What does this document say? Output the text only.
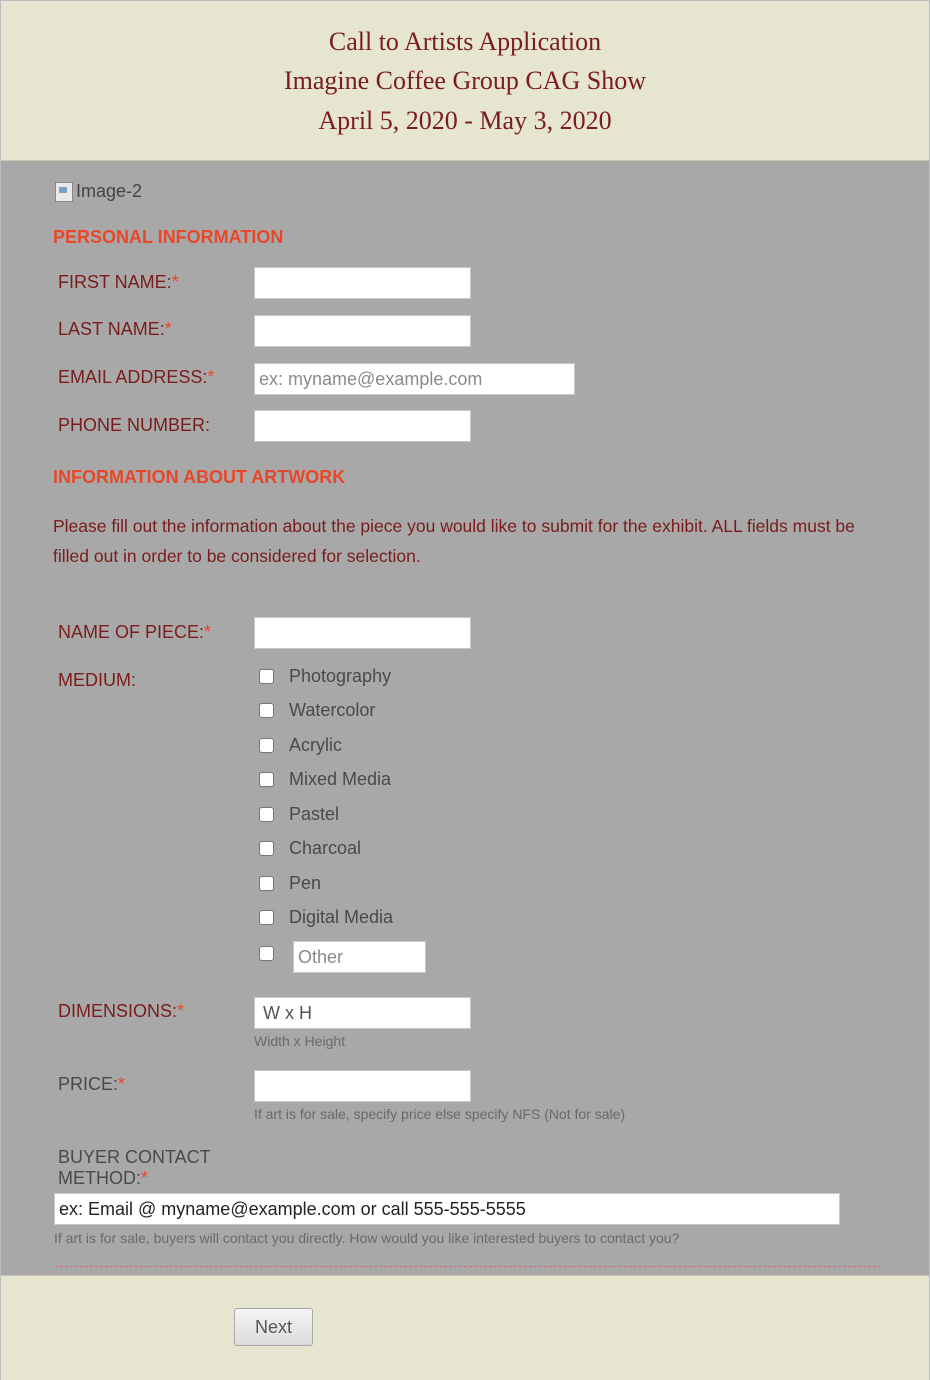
Call to Artists Application
Imagine Coffee Group CAG Show
April 5, 2020 - May 3, 2020
Image-2
PERSONAL INFORMATION
FIRST NAME:*
LAST NAME:*
EMAIL ADDRESS:* ex: myname@example.com
PHONE NUMBER:
INFORMATION ABOUT ARTWORK
Please fill out the information about the piece you would like to submit for the exhibit. ALL fields must be filled out in order to be considered for selection.
NAME OF PIECE:*
MEDIUM:	Photography
Watercolor
Acrylic
Mixed Media
Pastel
Charcoal
Pen
Digital Media
Other
DIMENSIONS:*	W x H
Width x Height
PRICE:*
If art is for sale, specify price else specify NFS (Not for sale)
BUYER CONTACT
METHOD:*
ex: Email @ myname@example.com or call 555-555-5555
If art is for sale, buyers will contact you directly. How would you like interested buyers to contact you?
Next
